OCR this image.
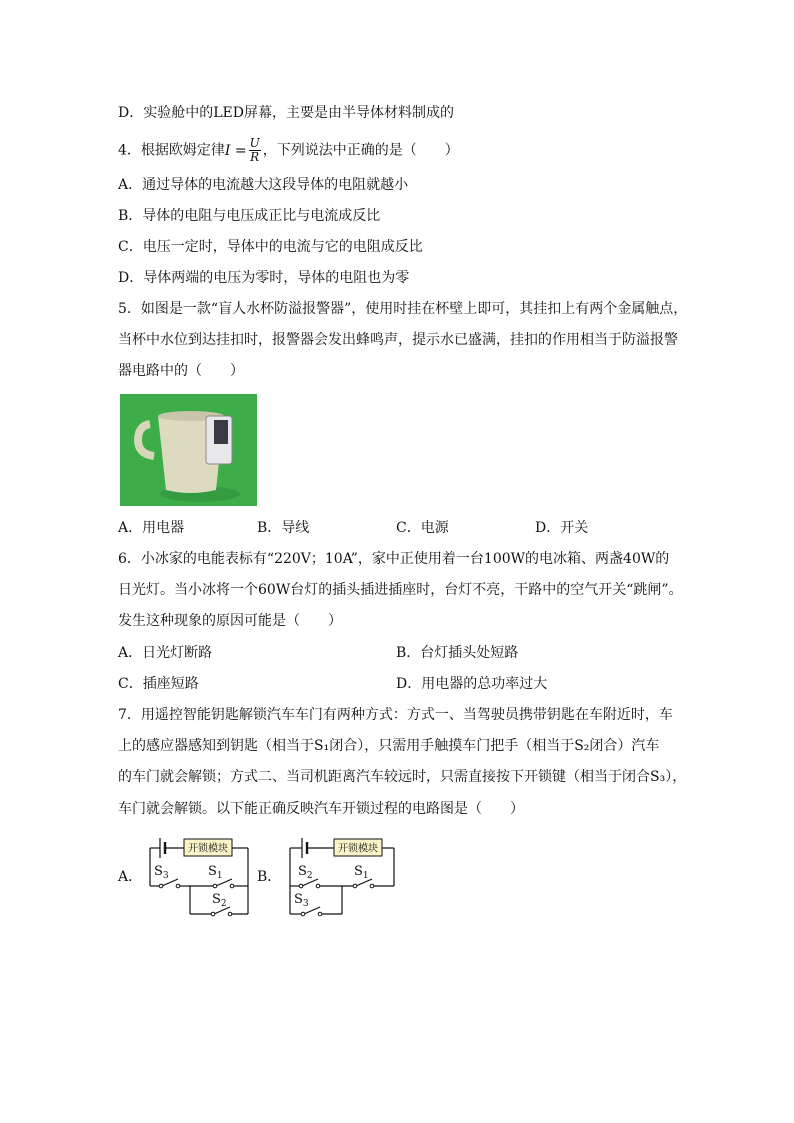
D．实验舱中的LED屏幕，主要是由半导体材料制成的
4．根据欧姆定律$I = \frac{U}{R}$ ，下列说法中正确的是（　　）
A．通过导体的电流越大这段导体的电阻就越小
B．导体的电阻与电压成正比与电流成反比
C．电压一定时，导体中的电流与它的电阻成反比
D．导体两端的电压为零时，导体的电阻也为零
5．如图是一款“盲人水杯防溢报警器”，使用时挂在杯壁上即可，其挂扣上有两个金属触点，
当杯中水位到达挂扣时，报警器会发出蜂鸣声，提示水已盛满，挂扣的作用相当于防溢报警
器电路中的（　　）
A．用电器	B．导线	C．电源	D．开关
6．小冰家的电能表标有“220V；10A”，家中正使用着一台100W的电冰箱、两盏40W的
日光灯。当小冰将一个60W台灯的插头插进插座时，台灯不亮，干路中的空气开关“跳闸”。
发生这种现象的原因可能是（　　）
A．日光灯断路	B．台灯插头处短路
C．插座短路	D．用电器的总功率过大
7．用遥控智能钥匙解锁汽车车门有两种方式：方式一、当驾驶员携带钥匙在车附近时，车
上的感应器感知到钥匙（相当于S₁闭合），只需用手触摸车门把手（相当于S₂闭合）汽车
的车门就会解锁；方式二、当司机距离汽车较远时，只需直接按下开锁键（相当于闭合S₃），
车门就会解锁。以下能正确反映汽车开锁过程的电路图是（　　）
A．
开锁模块
$S_3$	$S_1$
$S_2$
B．
开锁模块
$S_2$	$S_1$
$S_3$
